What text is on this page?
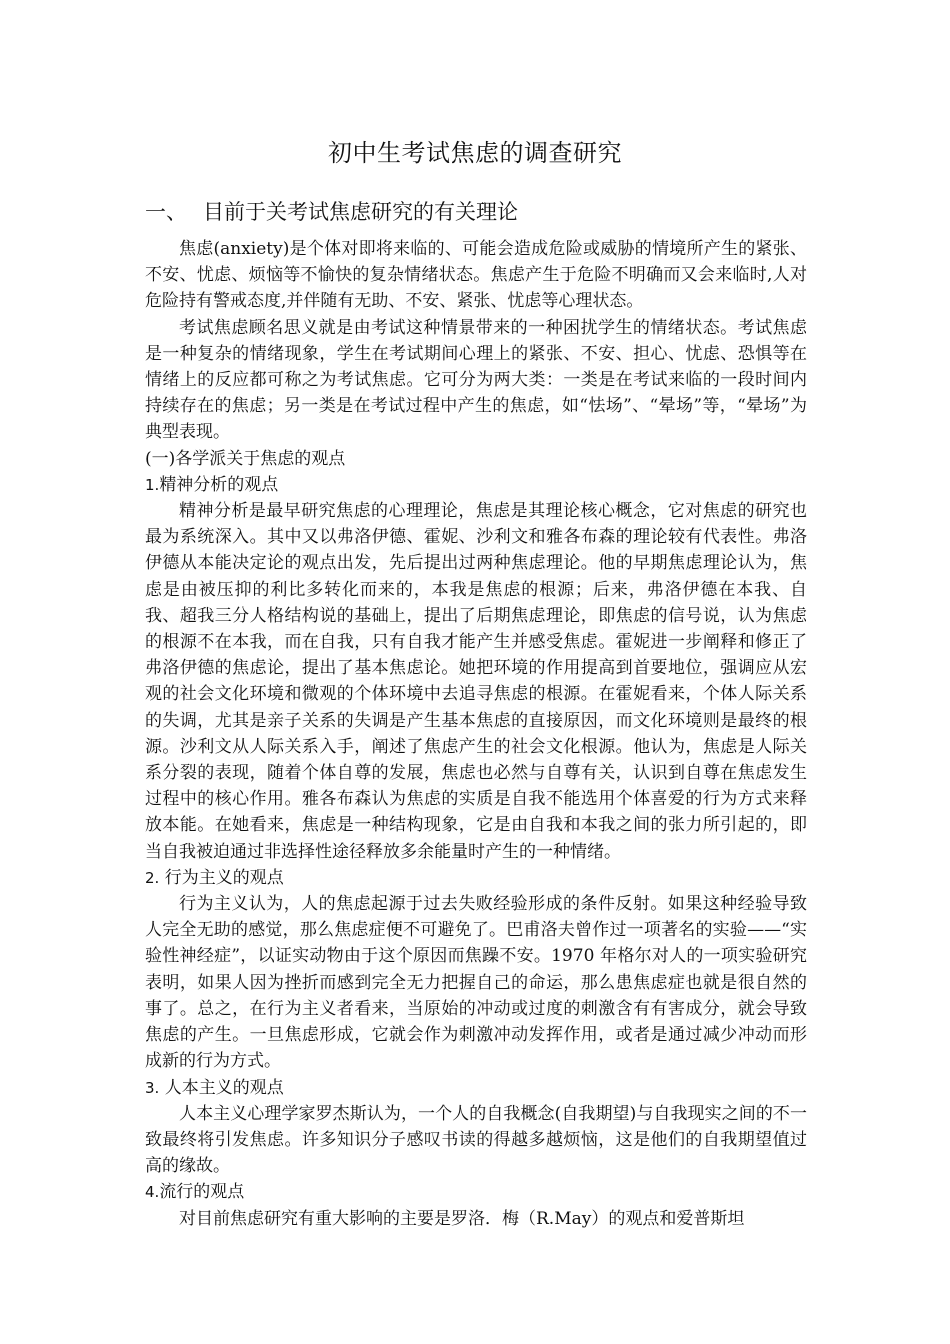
初中生考试焦虑的调查研究
一、 目前于关考试焦虑研究的有关理论

焦虑(anxiety)是个体对即将来临的、可能会造成危险或威胁的情境所产生的紧张、不安、忧虑、烦恼等不愉快的复杂情绪状态。焦虑产生于危险不明确而又会来临时,人对危险持有警戒态度,并伴随有无助、不安、紧张、忧虑等心理状态。

考试焦虑顾名思义就是由考试这种情景带来的一种困扰学生的情绪状态。考试焦虑是一种复杂的情绪现象，学生在考试期间心理上的紧张、不安、担心、忧虑、恐惧等在情绪上的反应都可称之为考试焦虑。它可分为两大类：一类是在考试来临的一段时间内持续存在的焦虑；另一类是在考试过程中产生的焦虑，如“怯场”、“晕场”等，“晕场”为典型表现。

(一)各学派关于焦虑的观点
1.精神分析的观点

精神分析是最早研究焦虑的心理理论，焦虑是其理论核心概念，它对焦虑的研究也最为系统深入。其中又以弗洛伊德、霍妮、沙利文和雅各布森的理论较有代表性。弗洛伊德从本能决定论的观点出发，先后提出过两种焦虑理论。他的早期焦虑理论认为，焦虑是由被压抑的利比多转化而来的，本我是焦虑的根源；后来，弗洛伊德在本我、自我、超我三分人格结构说的基础上，提出了后期焦虑理论，即焦虑的信号说，认为焦虑的根源不在本我，而在自我，只有自我才能产生并感受焦虑。霍妮进一步阐释和修正了弗洛伊德的焦虑论，提出了基本焦虑论。她把环境的作用提高到首要地位，强调应从宏观的社会文化环境和微观的个体环境中去追寻焦虑的根源。在霍妮看来，个体人际关系的失调，尤其是亲子关系的失调是产生基本焦虑的直接原因，而文化环境则是最终的根源。沙利文从人际关系入手，阐述了焦虑产生的社会文化根源。他认为，焦虑是人际关系分裂的表现，随着个体自尊的发展，焦虑也必然与自尊有关，认识到自尊在焦虑发生过程中的核心作用。雅各布森认为焦虑的实质是自我不能选用个体喜爱的行为方式来释放本能。在她看来，焦虑是一种结构现象，它是由自我和本我之间的张力所引起的，即当自我被迫通过非选择性途径释放多余能量时产生的一种情绪。

2. 行为主义的观点

行为主义认为，人的焦虑起源于过去失败经验形成的条件反射。如果这种经验导致人完全无助的感觉，那么焦虑症便不可避免了。巴甫洛夫曾作过一项著名的实验——“实验性神经症”，以证实动物由于这个原因而焦躁不安。1970 年格尔对人的一项实验研究表明，如果人因为挫折而感到完全无力把握自己的命运，那么患焦虑症也就是很自然的事了。总之，在行为主义者看来，当原始的冲动或过度的刺激含有有害成分，就会导致焦虑的产生。一旦焦虑形成，它就会作为刺激冲动发挥作用，或者是通过减少冲动而形成新的行为方式。

3. 人本主义的观点

人本主义心理学家罗杰斯认为，一个人的自我概念(自我期望)与自我现实之间的不一致最终将引发焦虑。许多知识分子感叹书读的得越多越烦恼，这是他们的自我期望值过高的缘故。

4.流行的观点

对目前焦虑研究有重大影响的主要是罗洛．梅（R.May）的观点和爱普斯坦
